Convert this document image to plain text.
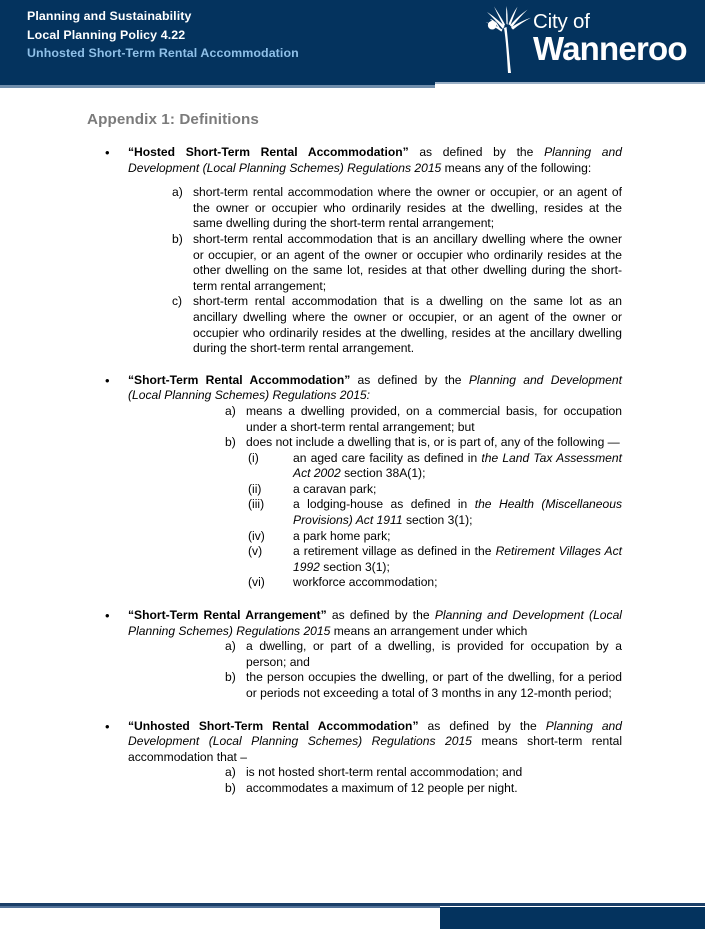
Planning and Sustainability
Local Planning Policy 4.22
Unhosted Short-Term Rental Accommodation
City of
Wanneroo
Appendix 1: Definitions
• “Hosted Short-Term Rental Accommodation” as defined by the Planning and Development (Local Planning Schemes) Regulations 2015 means any of the following:

a) short-term rental accommodation where the owner or occupier, or an agent of the owner or occupier who ordinarily resides at the dwelling, resides at the same dwelling during the short-term rental arrangement;
b) short-term rental accommodation that is an ancillary dwelling where the owner or occupier, or an agent of the owner or occupier who ordinarily resides at the other dwelling on the same lot, resides at that other dwelling during the short-term rental arrangement;
c) short-term rental accommodation that is a dwelling on the same lot as an ancillary dwelling where the owner or occupier, or an agent of the owner or occupier who ordinarily resides at the dwelling, resides at the ancillary dwelling during the short-term rental arrangement.
• “Short-Term Rental Accommodation” as defined by the Planning and Development (Local Planning Schemes) Regulations 2015:

a) means a dwelling provided, on a commercial basis, for occupation under a short-term rental arrangement; but
b) does not include a dwelling that is, or is part of, any of the following —
(i)	an aged care facility as defined in the Land Tax Assessment Act 2002 section 38A(1);
(ii)	a caravan park;
(iii) a lodging-house as defined in the Health (Miscellaneous Provisions) Act 1911 section 3(1);
(iv) a park home park;
(v)	a retirement village as defined in the Retirement Villages Act 1992 section 3(1);
(vi) workforce accommodation;
• “Short-Term Rental Arrangement” as defined by the Planning and Development (Local Planning Schemes) Regulations 2015 means an arrangement under which

a) a dwelling, or part of a dwelling, is provided for occupation by a person; and
b) the person occupies the dwelling, or part of the dwelling, for a period or periods not exceeding a total of 3 months in any 12-month period;
• “Unhosted Short-Term Rental Accommodation” as defined by the Planning and Development (Local Planning Schemes) Regulations 2015 means short-term rental accommodation that –

a) is not hosted short-term rental accommodation; and
b) accommodates a maximum of 12 people per night.
